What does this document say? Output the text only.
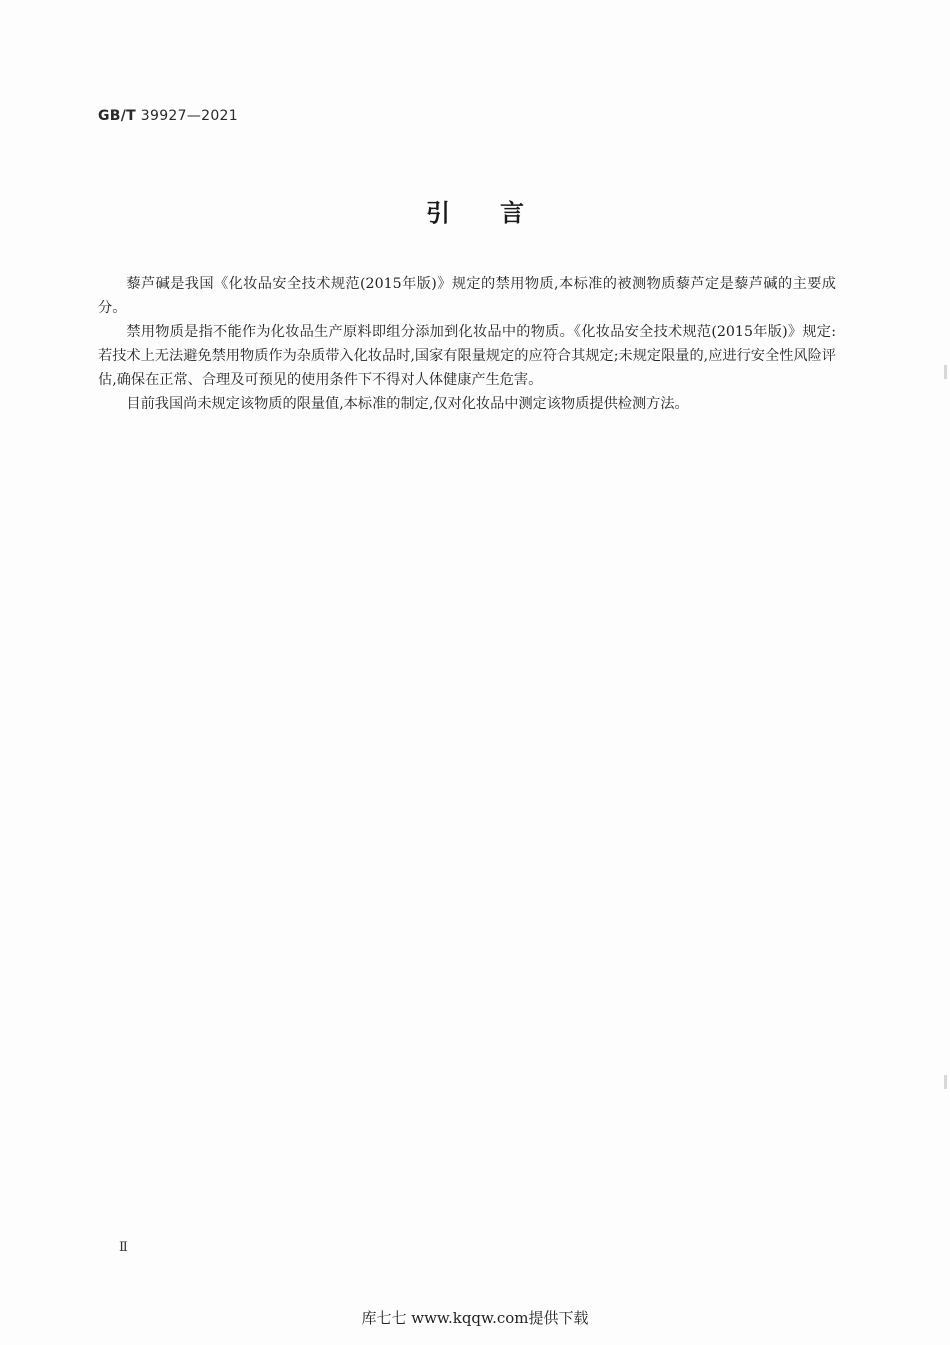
GB/T 39927—2021
引言

藜芦碱是我国《化妆品安全技术规范(2015年版)》规定的禁用物质,本标准的被测物质藜芦定是藜芦碱的主要成分。

禁用物质是指不能作为化妆品生产原料即组分添加到化妆品中的物质。《化妆品安全技术规范(2015年版)》规定:若技术上无法避免禁用物质作为杂质带入化妆品时,国家有限量规定的应符合其规定;未规定限量的,应进行安全性风险评估,确保在正常、合理及可预见的使用条件下不得对人体健康产生危害。

目前我国尚未规定该物质的限量值,本标准的制定,仅对化妆品中测定该物质提供检测方法。

Ⅱ
库七七 www.kqqw.com提供下载
